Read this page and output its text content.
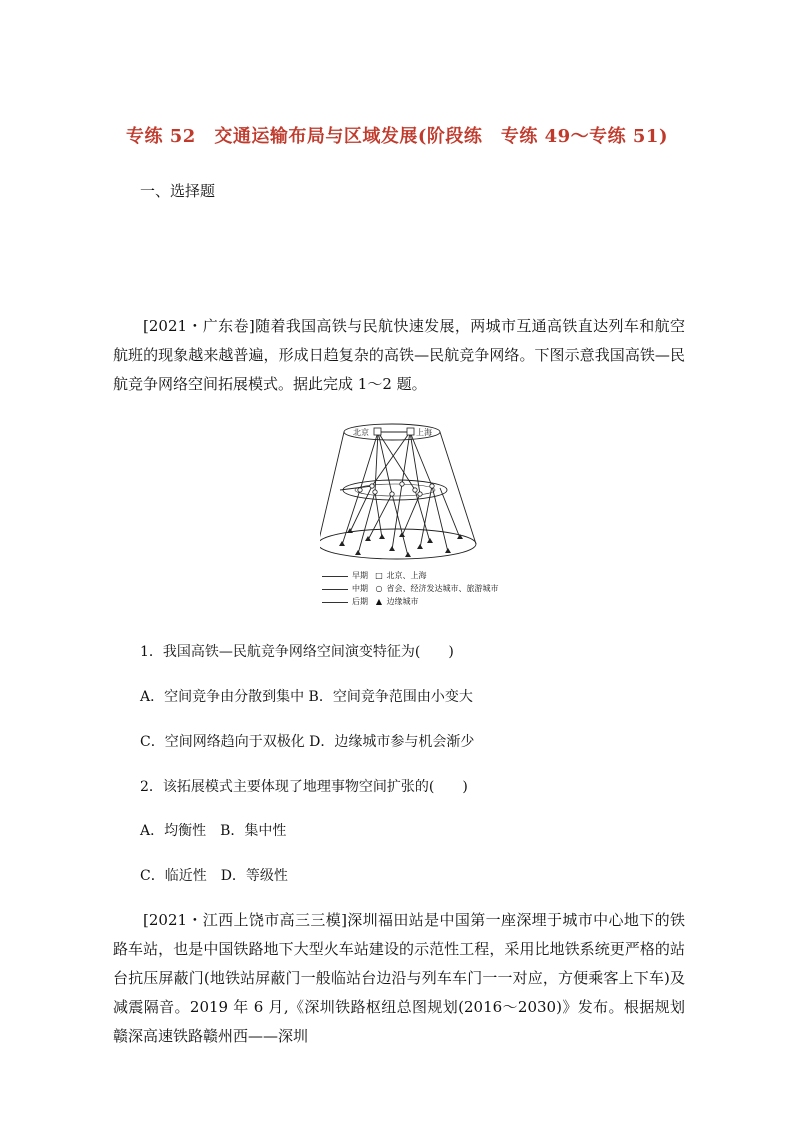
专练 52　交通运输布局与区域发展(阶段练　专练 49～专练 51)
一、选择题
[2021・广东卷]随着我国高铁与民航快速发展，两城市互通高铁直达列车和航空航班的现象越来越普遍，形成日趋复杂的高铁—民航竞争网络。下图示意我国高铁—民航竞争网络空间拓展模式。据此完成 1～2 题。
北京	上海
早期 □ 北京、上海
中期 ○ 省会、经济发达城市、旅游城市
后期 ▲ 边缘城市
1．我国高铁—民航竞争网络空间演变特征为(　　)
A．空间竞争由分散到集中 B．空间竞争范围由小变大
C．空间网络趋向于双极化 D．边缘城市参与机会渐少
2．该拓展模式主要体现了地理事物空间扩张的(　　)
A．均衡性　B．集中性
C．临近性　D．等级性
[2021・江西上饶市高三三模]深圳福田站是中国第一座深埋于城市中心地下的铁路车站，也是中国铁路地下大型火车站建设的示范性工程，采用比地铁系统更严格的站台抗压屏蔽门(地铁站屏蔽门一般临站台边沿与列车车门一一对应，方便乘客上下车)及减震隔音。2019 年 6 月,《深圳铁路枢纽总图规划(2016～2030)》发布。根据规划赣深高速铁路赣州西——深圳
